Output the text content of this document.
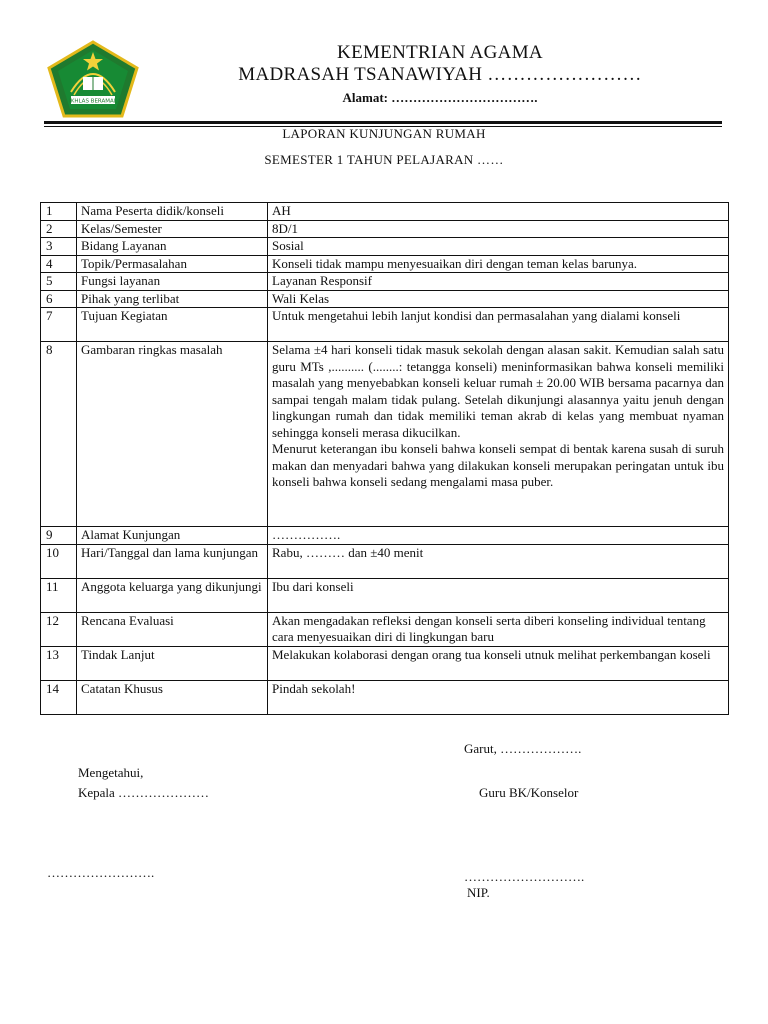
IKHLAS BERAMAL
KEMENTRIAN AGAMA
MADRASAH TSANAWIYAH ……………………
Alamat: …………………………….
LAPORAN KUNJUNGAN RUMAH
SEMESTER 1 TAHUN PELAJARAN ……
1	Nama Peserta didik/konseli	AH
2	Kelas/Semester	8D/1
3	Bidang Layanan	Sosial
4	Topik/Permasalahan	Konseli tidak mampu menyesuaikan diri dengan teman kelas barunya.
5	Fungsi layanan	Layanan Responsif
6	Pihak yang terlibat	Wali Kelas
7	Tujuan Kegiatan	Untuk mengetahui lebih lanjut kondisi dan permasalahan yang dialami konseli
8	Gambaran ringkas masalah	Selama ±4 hari konseli tidak masuk sekolah dengan alasan sakit. Kemudian salah satu guru MTs ,.......... (........: tetangga konseli) meninformasikan bahwa konseli memiliki masalah yang menyebabkan konseli keluar rumah ± 20.00 WIB bersama pacarnya dan sampai tengah malam tidak pulang. Setelah dikunjungi alasannya yaitu jenuh dengan lingkungan rumah dan tidak memiliki teman akrab di kelas yang membuat nyaman sehingga konseli merasa dikucilkan.
Menurut keterangan ibu konseli bahwa konseli sempat di bentak karena susah di suruh makan dan menyadari bahwa yang dilakukan konseli merupakan peringatan untuk ibu konseli bahwa konseli sedang mengalami masa puber.

9	Alamat Kunjungan	…………….
10	Hari/Tanggal dan lama kunjungan	Rabu, ……… dan ±40 menit
11	Anggota keluarga yang dikunjungi	Ibu dari konseli
12	Rencana Evaluasi	Akan mengadakan refleksi dengan konseli serta diberi konseling individual tentang cara menyesuaikan diri di lingkungan baru
13	Tindak Lanjut	Melakukan kolaborasi dengan orang tua konseli utnuk melihat perkembangan koseli
14	Catatan Khusus	Pindah sekolah!
Garut, ……………….
Mengetahui,
Kepala …………………	Guru BK/Konselor
…………………….	……………………….
NIP.
